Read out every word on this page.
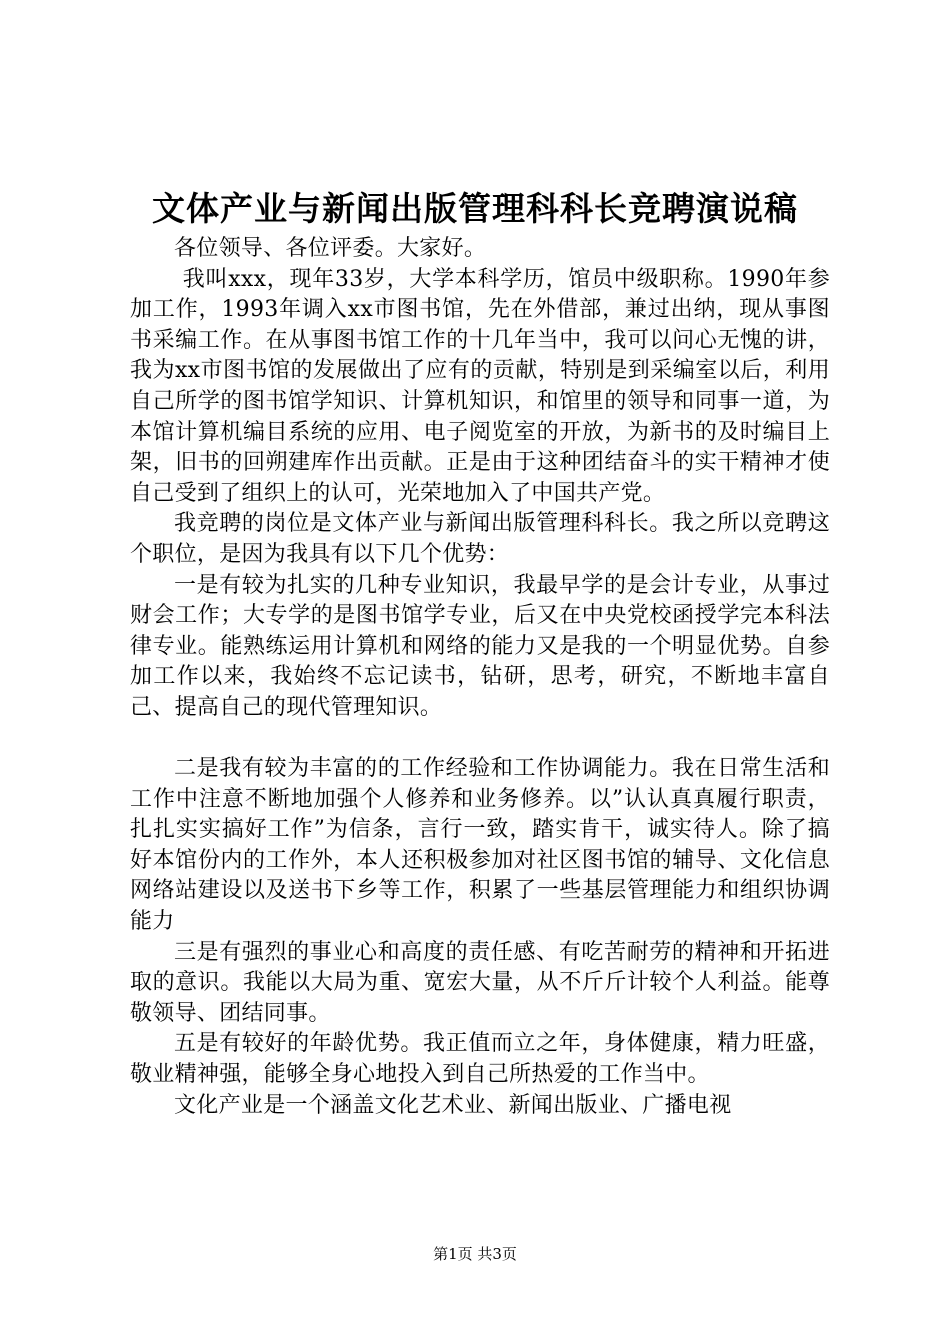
文体产业与新闻出版管理科科长竞聘演说稿

各位领导、各位评委。大家好。

我叫xxx，现年33岁，大学本科学历，馆员中级职称。1990年参加工作，1993年调入xx市图书馆，先在外借部，兼过出纳，现从事图书采编工作。在从事图书馆工作的十几年当中，我可以问心无愧的讲，我为xx市图书馆的发展做出了应有的贡献，特别是到采编室以后，利用自己所学的图书馆学知识、计算机知识，和馆里的领导和同事一道，为本馆计算机编目系统的应用、电子阅览室的开放，为新书的及时编目上架，旧书的回朔建库作出贡献。正是由于这种团结奋斗的实干精神才使自己受到了组织上的认可，光荣地加入了中国共产党。

我竞聘的岗位是文体产业与新闻出版管理科科长。我之所以竞聘这个职位，是因为我具有以下几个优势：

一是有较为扎实的几种专业知识，我最早学的是会计专业，从事过财会工作；大专学的是图书馆学专业，后又在中央党校函授学完本科法律专业。能熟练运用计算机和网络的能力又是我的一个明显优势。自参加工作以来，我始终不忘记读书，钻研，思考，研究，不断地丰富自己、提高自己的现代管理知识。

二是我有较为丰富的的工作经验和工作协调能力。我在日常生活和工作中注意不断地加强个人修养和业务修养。以”认认真真履行职责，扎扎实实搞好工作”为信条，言行一致，踏实肯干，诚实待人。除了搞好本馆份内的工作外，本人还积极参加对社区图书馆的辅导、文化信息网络站建设以及送书下乡等工作，积累了一些基层管理能力和组织协调能力

三是有强烈的事业心和高度的责任感、有吃苦耐劳的精神和开拓进取的意识。我能以大局为重、宽宏大量，从不斤斤计较个人利益。能尊敬领导、团结同事。

五是有较好的年龄优势。我正值而立之年，身体健康，精力旺盛，敬业精神强，能够全身心地投入到自己所热爱的工作当中。

文化产业是一个涵盖文化艺术业、新闻出版业、广播电视

第1页 共3页
